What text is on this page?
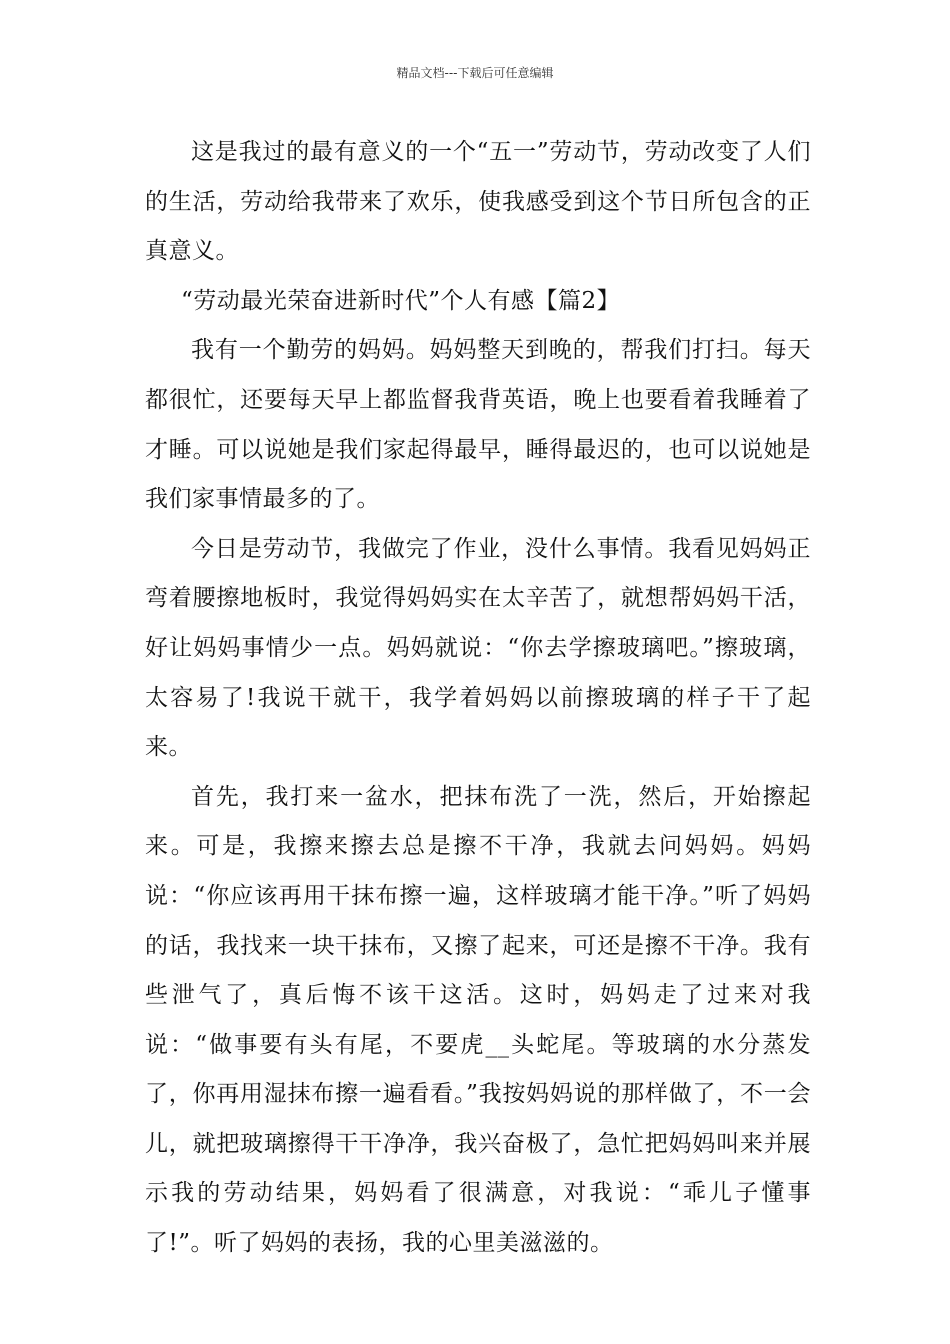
精品文档---下载后可任意编辑

这是我过的最有意义的一个“五一”劳动节，劳动改变了人们的生活，劳动给我带来了欢乐，使我感受到这个节日所包含的正真意义。

“劳动最光荣奋进新时代”个人有感【篇2】

我有一个勤劳的妈妈。妈妈整天到晚的，帮我们打扫。每天都很忙，还要每天早上都监督我背英语，晚上也要看着我睡着了才睡。可以说她是我们家起得最早，睡得最迟的，也可以说她是我们家事情最多的了。

今日是劳动节，我做完了作业，没什么事情。我看见妈妈正弯着腰擦地板时，我觉得妈妈实在太辛苦了，就想帮妈妈干活，好让妈妈事情少一点。妈妈就说：“你去学擦玻璃吧。”擦玻璃，太容易了!我说干就干，我学着妈妈以前擦玻璃的样子干了起来。

首先，我打来一盆水，把抹布洗了一洗，然后，开始擦起来。可是，我擦来擦去总是擦不干净，我就去问妈妈。妈妈说：“你应该再用干抹布擦一遍，这样玻璃才能干净。”听了妈妈的话，我找来一块干抹布，又擦了起来，可还是擦不干净。我有些泄气了，真后悔不该干这活。这时，妈妈走了过来对我说：“做事要有头有尾，不要虎__头蛇尾。等玻璃的水分蒸发了，你再用湿抹布擦一遍看看。”我按妈妈说的那样做了，不一会儿，就把玻璃擦得干干净净，我兴奋极了，急忙把妈妈叫来并展示我的劳动结果，妈妈看了很满意，对我说：“乖儿子懂事了!”。听了妈妈的表扬，我的心里美滋滋的。
